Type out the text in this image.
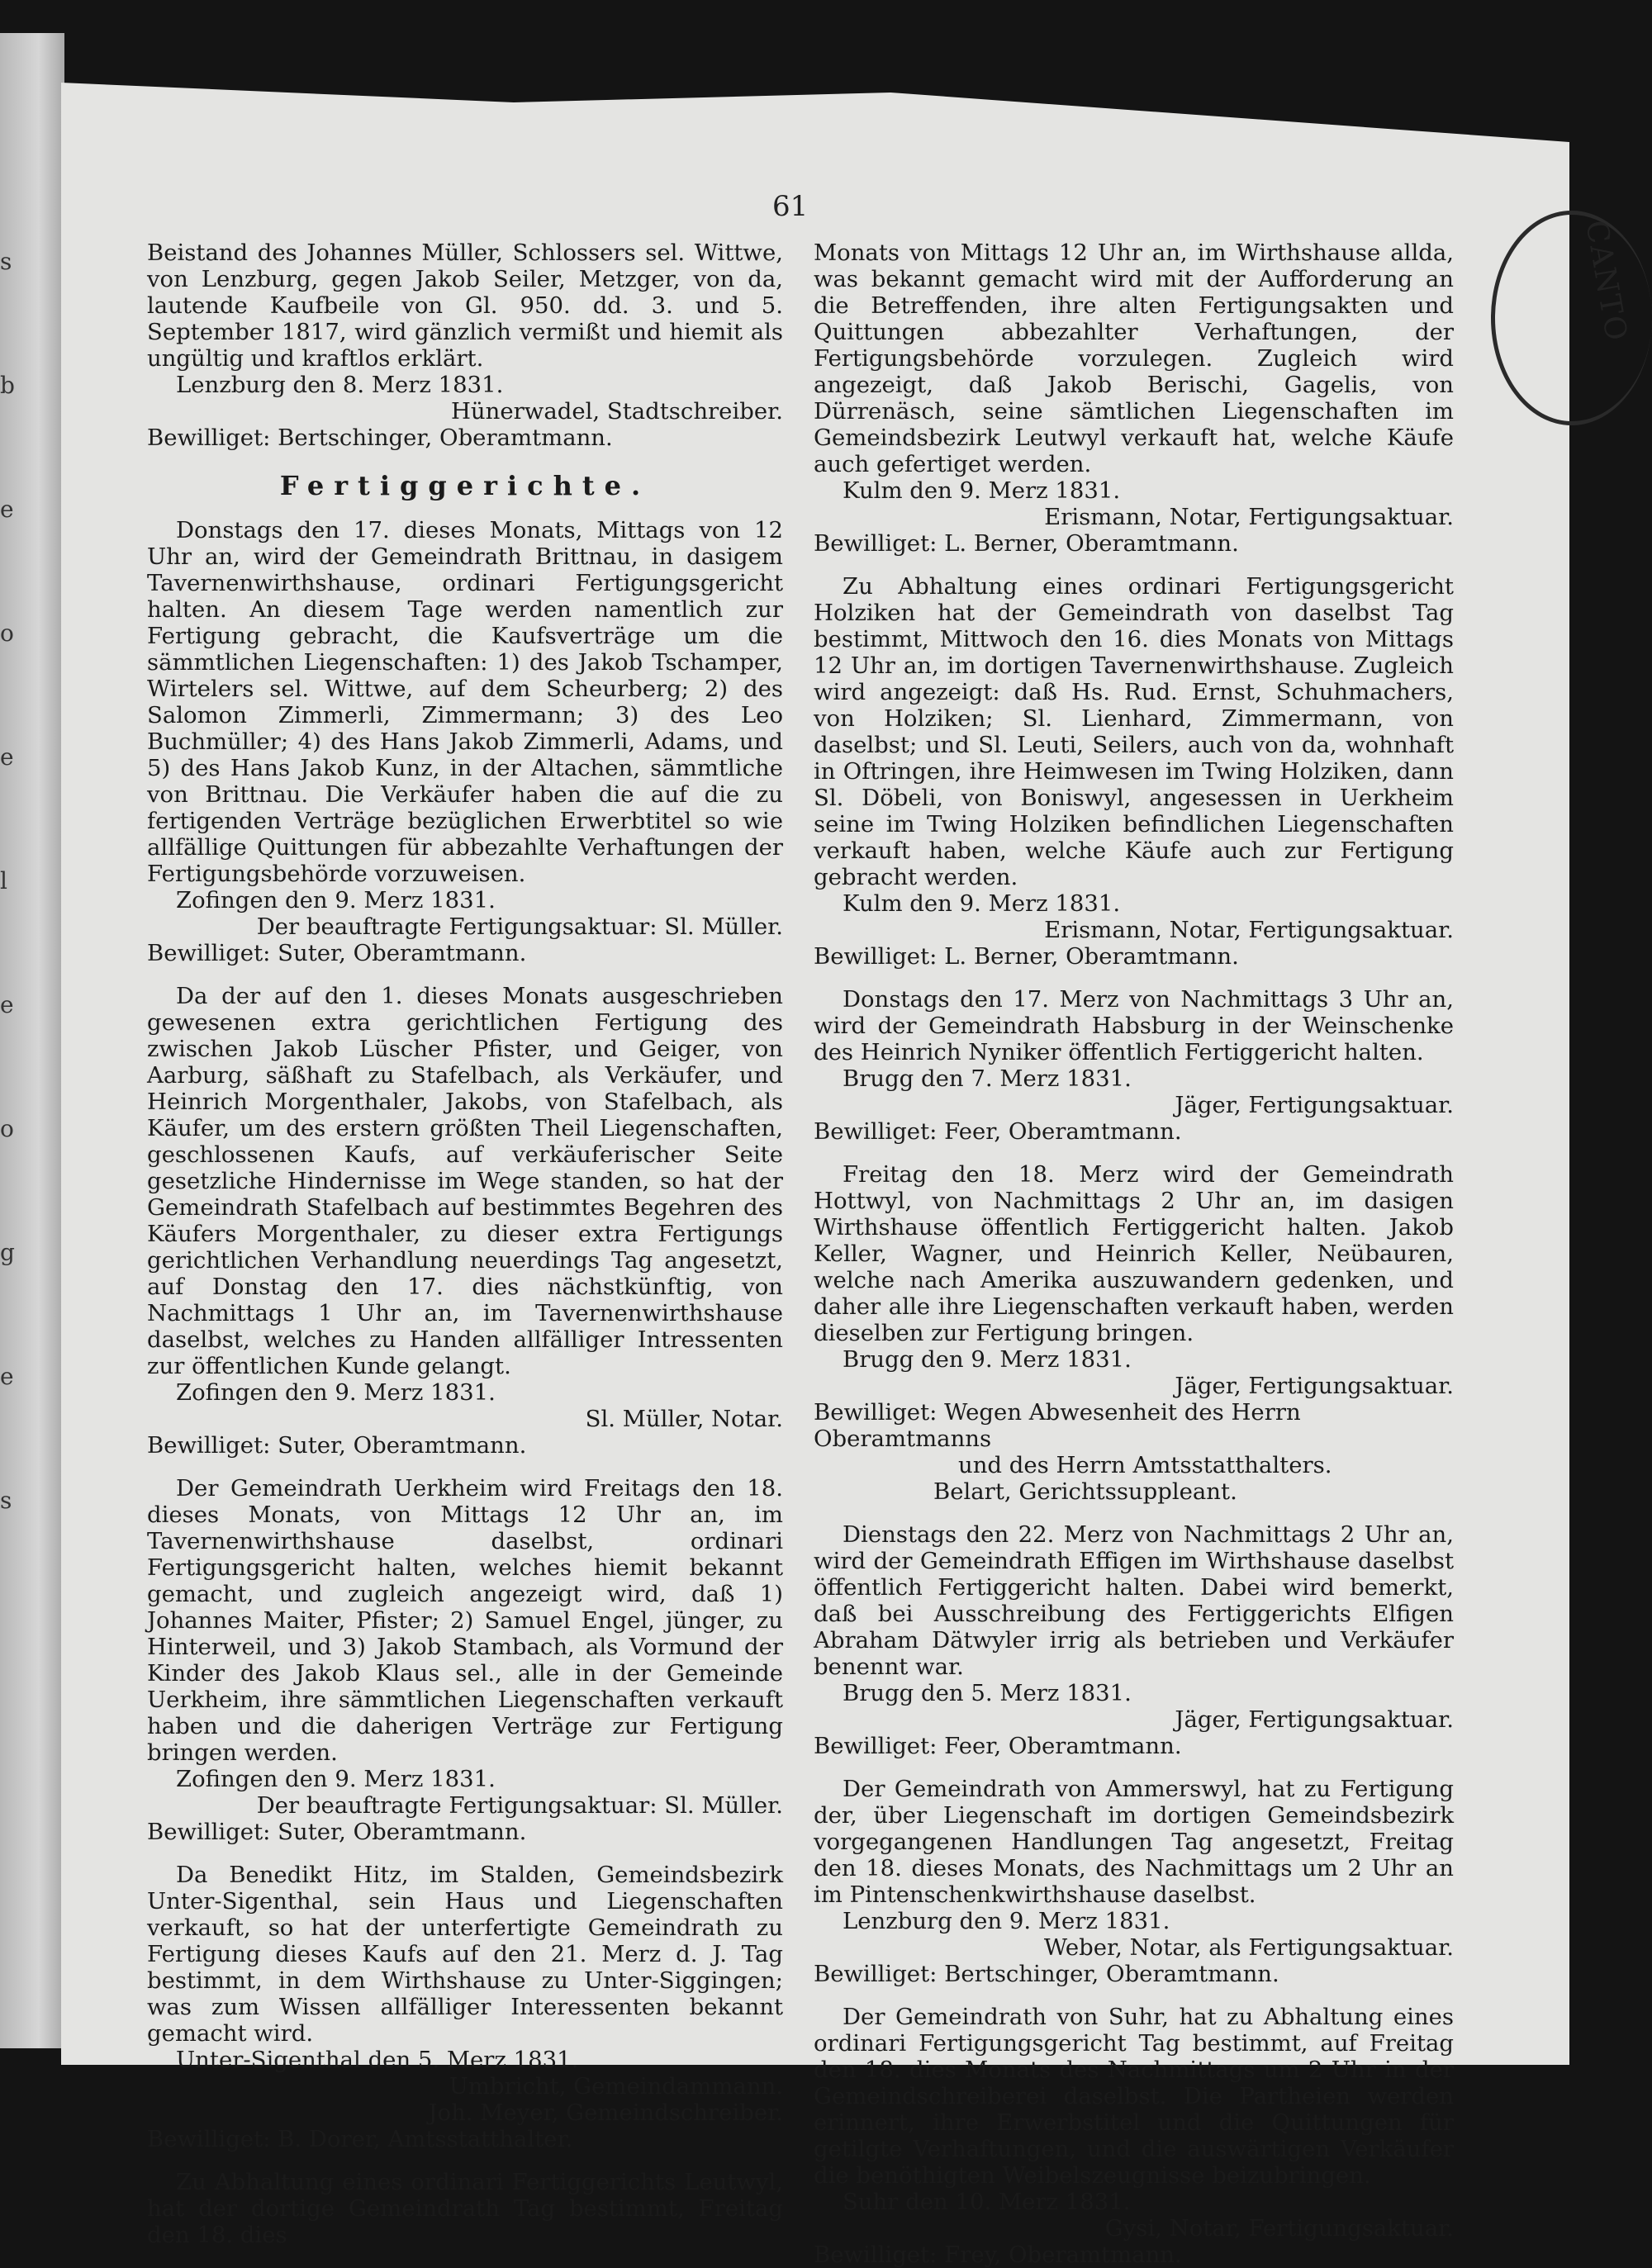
s
b
e
o
e
l
e
o
g
e
s
CANTO
61

Beistand des Johannes Müller, Schlossers sel. Wittwe, von Lenzburg, gegen Jakob Seiler, Metzger, von da, lautende Kaufbeile von Gl. 950. dd. 3. und 5. September 1817, wird gänzlich vermißt und hiemit als ungültig und kraftlos erklärt.

Lenzburg den 8. Merz 1831.
Hünerwadel, Stadtschreiber.
Bewilliget: Bertschinger, Oberamtmann.
Fertiggerichte.

Donstags den 17. dieses Monats, Mittags von 12 Uhr an, wird der Gemeindrath Brittnau, in dasigem Tavernenwirthshause, ordinari Fertigungsgericht halten. An diesem Tage werden namentlich zur Fertigung gebracht, die Kaufsverträge um die sämmtlichen Liegenschaften: 1) des Jakob Tschamper, Wirtelers sel. Wittwe, auf dem Scheurberg; 2) des Salomon Zimmerli, Zimmermann; 3) des Leo Buchmüller; 4) des Hans Jakob Zimmerli, Adams, und 5) des Hans Jakob Kunz, in der Altachen, sämmtliche von Brittnau. Die Verkäufer haben die auf die zu fertigenden Verträge bezüglichen Erwerbtitel so wie allfällige Quittungen für abbezahlte Verhaftungen der Fertigungsbehörde vorzuweisen.

Zofingen den 9. Merz 1831.
Der beauftragte Fertigungsaktuar: Sl. Müller.
Bewilliget: Suter, Oberamtmann.

Da der auf den 1. dieses Monats ausgeschrieben gewesenen extra gerichtlichen Fertigung des zwischen Jakob Lüscher Pfister, und Geiger, von Aarburg, säßhaft zu Stafelbach, als Verkäufer, und Heinrich Morgenthaler, Jakobs, von Stafelbach, als Käufer, um des erstern größten Theil Liegenschaften, geschlossenen Kaufs, auf verkäuferischer Seite gesetzliche Hindernisse im Wege standen, so hat der Gemeindrath Stafelbach auf bestimmtes Begehren des Käufers Morgenthaler, zu dieser extra Fertigungs gerichtlichen Verhandlung neuerdings Tag angesetzt, auf Donstag den 17. dies nächstkünftig, von Nachmittags 1 Uhr an, im Tavernenwirthshause daselbst, welches zu Handen allfälliger Intressenten zur öffentlichen Kunde gelangt.

Zofingen den 9. Merz 1831.
Sl. Müller, Notar.
Bewilliget: Suter, Oberamtmann.

Der Gemeindrath Uerkheim wird Freitags den 18. dieses Monats, von Mittags 12 Uhr an, im Tavernenwirthshause daselbst, ordinari Fertigungsgericht halten, welches hiemit bekannt gemacht, und zugleich angezeigt wird, daß 1) Johannes Maiter, Pfister; 2) Samuel Engel, jünger, zu Hinterweil, und 3) Jakob Stambach, als Vormund der Kinder des Jakob Klaus sel., alle in der Gemeinde Uerkheim, ihre sämmtlichen Liegenschaften verkauft haben und die daherigen Verträge zur Fertigung bringen werden.

Zofingen den 9. Merz 1831.
Der beauftragte Fertigungsaktuar: Sl. Müller.
Bewilliget: Suter, Oberamtmann.

Da Benedikt Hitz, im Stalden, Gemeindsbezirk Unter-Sigenthal, sein Haus und Liegenschaften verkauft, so hat der unterfertigte Gemeindrath zu Fertigung dieses Kaufs auf den 21. Merz d. J. Tag bestimmt, in dem Wirthshause zu Unter-Siggingen; was zum Wissen allfälliger Interessenten bekannt gemacht wird.

Unter-Sigenthal den 5. Merz 1831.
Umbricht, Gemeindammann.
Joh. Meyer, Gemeindschreiber.
Bewilliget: B. Dorer, Amtsstatthalter.

Zu Abhaltung eines ordinari Fertiggerichts Leutwyl, hat der dortige Gemeindrath Tag bestimmt, Freitag den 18. dies

Monats von Mittags 12 Uhr an, im Wirthshause allda, was bekannt gemacht wird mit der Aufforderung an die Betreffenden, ihre alten Fertigungsakten und Quittungen abbezahlter Verhaftungen, der Fertigungsbehörde vorzulegen. Zugleich wird angezeigt, daß Jakob Berischi, Gagelis, von Dürrenäsch, seine sämtlichen Liegenschaften im Gemeindsbezirk Leutwyl verkauft hat, welche Käufe auch gefertiget werden.

Kulm den 9. Merz 1831.
Erismann, Notar, Fertigungsaktuar.
Bewilliget: L. Berner, Oberamtmann.

Zu Abhaltung eines ordinari Fertigungsgericht Holziken hat der Gemeindrath von daselbst Tag bestimmt, Mittwoch den 16. dies Monats von Mittags 12 Uhr an, im dortigen Tavernenwirthshause. Zugleich wird angezeigt: daß Hs. Rud. Ernst, Schuhmachers, von Holziken; Sl. Lienhard, Zimmermann, von daselbst; und Sl. Leuti, Seilers, auch von da, wohnhaft in Oftringen, ihre Heimwesen im Twing Holziken, dann Sl. Döbeli, von Boniswyl, angesessen in Uerkheim seine im Twing Holziken befindlichen Liegenschaften verkauft haben, welche Käufe auch zur Fertigung gebracht werden.

Kulm den 9. Merz 1831.
Erismann, Notar, Fertigungsaktuar.
Bewilliget: L. Berner, Oberamtmann.

Donstags den 17. Merz von Nachmittags 3 Uhr an, wird der Gemeindrath Habsburg in der Weinschenke des Heinrich Nyniker öffentlich Fertiggericht halten.

Brugg den 7. Merz 1831.
Jäger, Fertigungsaktuar.
Bewilliget: Feer, Oberamtmann.

Freitag den 18. Merz wird der Gemeindrath Hottwyl, von Nachmittags 2 Uhr an, im dasigen Wirthshause öffentlich Fertiggericht halten. Jakob Keller, Wagner, und Heinrich Keller, Neübauren, welche nach Amerika auszuwandern gedenken, und daher alle ihre Liegenschaften verkauft haben, werden dieselben zur Fertigung bringen.

Brugg den 9. Merz 1831.
Jäger, Fertigungsaktuar.
Bewilliget: Wegen Abwesenheit des Herrn Oberamtmanns
und des Herrn Amtsstatthalters.
Belart, Gerichtssuppleant.

Dienstags den 22. Merz von Nachmittags 2 Uhr an, wird der Gemeindrath Effigen im Wirthshause daselbst öffentlich Fertiggericht halten. Dabei wird bemerkt, daß bei Ausschreibung des Fertiggerichts Elfigen Abraham Dätwyler irrig als betrieben und Verkäufer benennt war.

Brugg den 5. Merz 1831.
Jäger, Fertigungsaktuar.
Bewilliget: Feer, Oberamtmann.

Der Gemeindrath von Ammerswyl, hat zu Fertigung der, über Liegenschaft im dortigen Gemeindsbezirk vorgegangenen Handlungen Tag angesetzt, Freitag den 18. dieses Monats, des Nachmittags um 2 Uhr an im Pintenschenkwirthshause daselbst.

Lenzburg den 9. Merz 1831.
Weber, Notar, als Fertigungsaktuar.
Bewilliget: Bertschinger, Oberamtmann.

Der Gemeindrath von Suhr, hat zu Abhaltung eines ordinari Fertigungsgericht Tag bestimmt, auf Freitag den 18. dies Monats des Nachmittags um 2 Uhr in der Gemeindschreiberei daselbst. Die Partheien werden erinnert, ihre Erwerbstitel und die Quittungen für getilgte Verhaftungen, und die auswärtigen Verkäufer die benöthigten Weibelszeugnisse beizubringen.

Suhr den 10. Merz 1831.
Gysi, Notar, Fertigungsaktuar.
Bewilliget: Frey, Oberamtmann.
